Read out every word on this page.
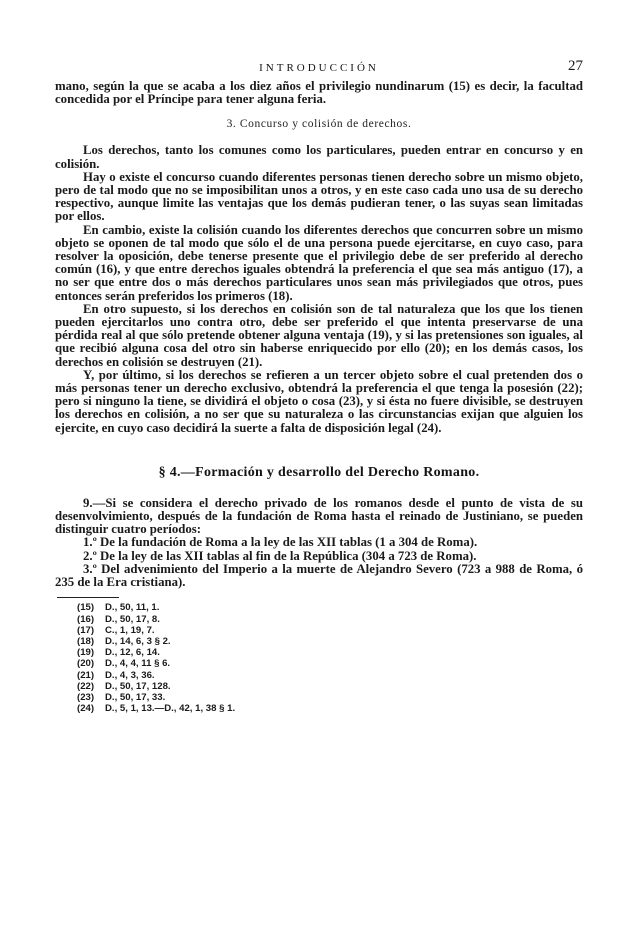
INTRODUCCIÓN	27

mano, según la que se acaba a los diez años el privilegio nundinarum (15) es decir, la facultad concedida por el Príncipe para tener alguna feria.

3. Concurso y colisión de derechos.

Los derechos, tanto los comunes como los particulares, pueden entrar en concurso y en colisión.

Hay o existe el concurso cuando diferentes personas tienen derecho sobre un mismo objeto, pero de tal modo que no se imposibilitan unos a otros, y en este caso cada uno usa de su derecho respectivo, aunque limite las ventajas que los demás pudieran tener, o las suyas sean limitadas por ellos.

En cambio, existe la colisión cuando los diferentes derechos que concurren sobre un mismo objeto se oponen de tal modo que sólo el de una persona puede ejercitarse, en cuyo caso, para resolver la oposición, debe tenerse presente que el privilegio debe de ser preferido al derecho común (16), y que entre derechos iguales obtendrá la preferencia el que sea más antiguo (17), a no ser que entre dos o más derechos particulares unos sean más privilegiados que otros, pues entonces serán preferidos los primeros (18).

En otro supuesto, si los derechos en colisión son de tal naturaleza que los que los tienen pueden ejercitarlos uno contra otro, debe ser preferido el que intenta preservarse de una pérdida real al que sólo pretende obtener alguna ventaja (19), y si las pretensiones son iguales, al que recibió alguna cosa del otro sin haberse enriquecido por ello (20); en los demás casos, los derechos en colisión se destruyen (21).

Y, por último, si los derechos se refieren a un tercer objeto sobre el cual pretenden dos o más personas tener un derecho exclusivo, obtendrá la preferencia el que tenga la posesión (22); pero si ninguno la tiene, se dividirá el objeto o cosa (23), y si ésta no fuere divisible, se destruyen los derechos en colisión, a no ser que su naturaleza o las circunstancias exijan que alguien los ejercite, en cuyo caso decidirá la suerte a falta de disposición legal (24).

§ 4.—Formación y desarrollo del Derecho Romano.

9.—Si se considera el derecho privado de los romanos desde el punto de vista de su desenvolvimiento, después de la fundación de Roma hasta el reinado de Justiniano, se pueden distinguir cuatro períodos:

1.º De la fundación de Roma a la ley de las XII tablas (1 a 304 de Roma).

2.º De la ley de las XII tablas al fin de la República (304 a 723 de Roma).

3.º Del advenimiento del Imperio a la muerte de Alejandro Severo (723 a 988 de Roma, ó 235 de la Era cristiana).

(15) D., 50, 11, 1.
(16) D., 50, 17, 8.
(17) C., 1, 19, 7.
(18) D., 14, 6, 3 § 2.
(19) D., 12, 6, 14.
(20) D., 4, 4, 11 § 6.
(21) D., 4, 3, 36.
(22) D., 50, 17, 128.
(23) D., 50, 17, 33.
(24) D., 5, 1, 13.—D., 42, 1, 38 § 1.
